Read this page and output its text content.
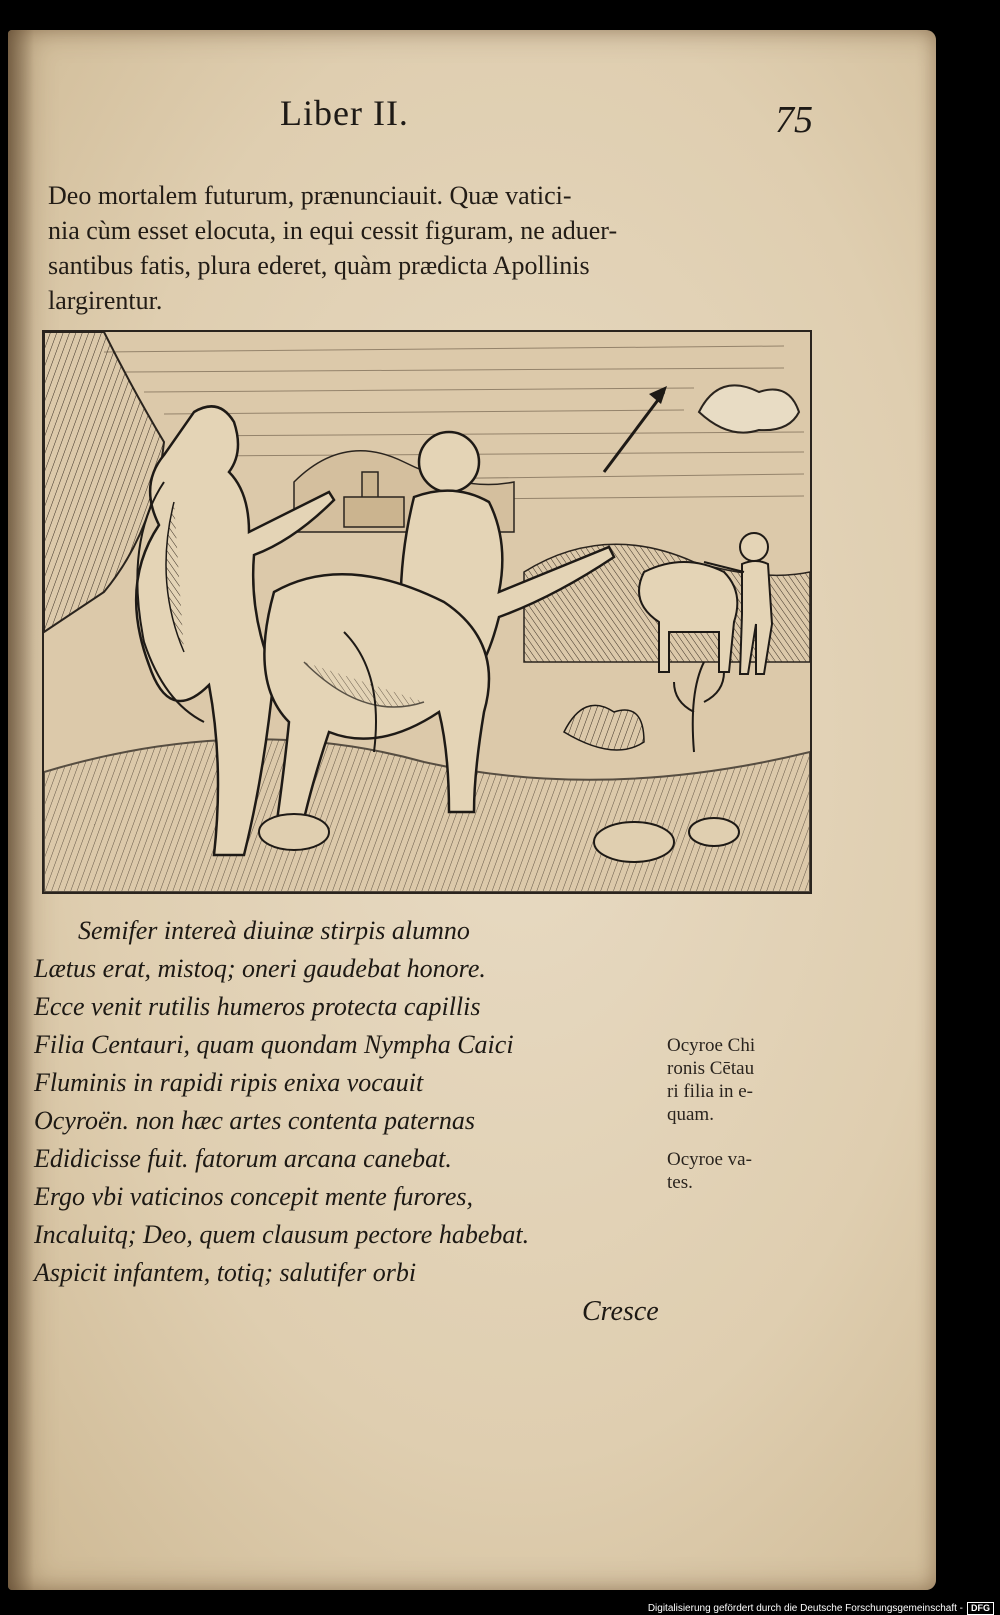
Liber II.	75
Deo mortalem futurum, prænunciauit. Quæ vatici-
nia cùm esset elocuta, in equi cessit figuram, ne aduer-
santibus fatis, plura ederet, quàm prædicta Apollinis
largirentur.
Semifer intereà diuinæ stirpis alumno
Lætus erat, mistoq; oneri gaudebat honore.
Ecce venit rutilis humeros protecta capillis
Filia Centauri, quam quondam Nympha Caici
Fluminis in rapidi ripis enixa vocauit
Ocyroën. non hæc artes contenta paternas
Edidicisse fuit. fatorum arcana canebat.
Ergo vbi vaticinos concepit mente furores,
Incaluitq; Deo, quem clausum pectore habebat.
Aspicit infantem, totiq; salutifer orbi
Cresce
Ocyroe Chi
ronis Cētau
ri filia in e-
quam.
Ocyroe va-
tes.
Digitalisierung gefördert durch die Deutsche Forschungsgemeinschaft - DFG
